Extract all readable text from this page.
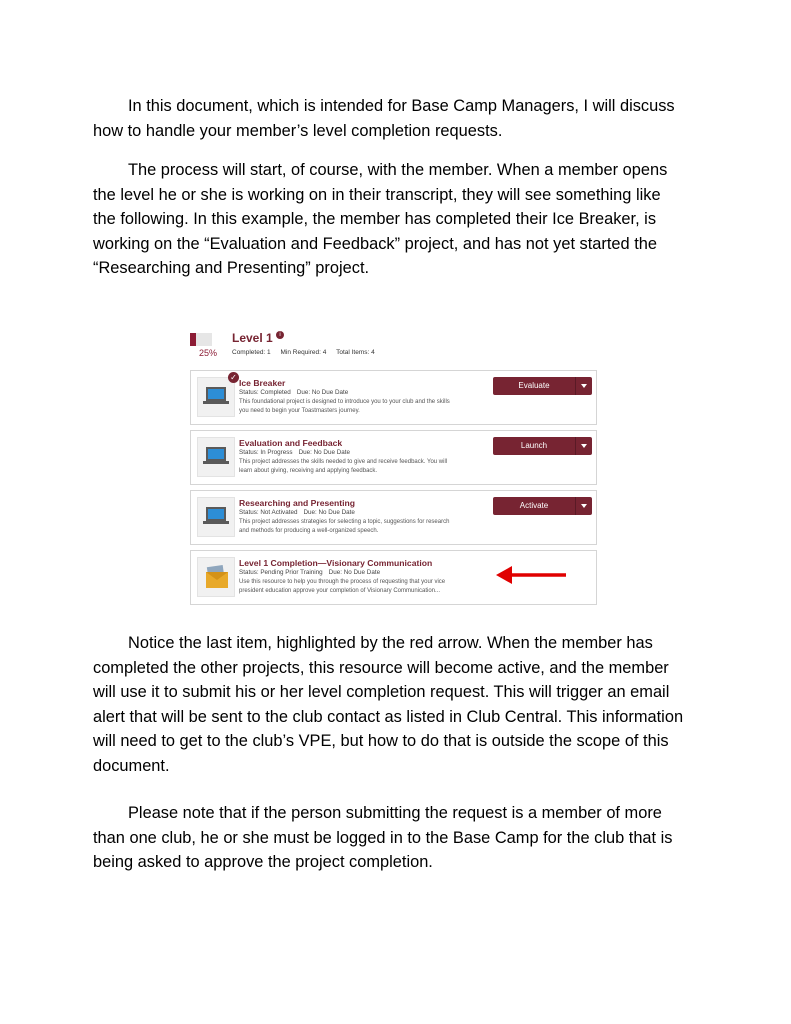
In this document, which is intended for Base Camp Managers, I will discuss
how to handle your member’s level completion requests.

The process will start, of course, with the member. When a member opens
the level he or she is working on in their transcript, they will see something like
the following. In this example, the member has completed their Ice Breaker, is
working on the “Evaluation and Feedback” project, and has not yet started the
“Researching and Presenting” project.

25%
Level 1	i
Completed: 1 Min Required: 4 Total Items: 4
✓
Ice Breaker
Status: Completed Due: No Due Date
This foundational project is designed to introduce you to your club and the skills
you need to begin your Toastmasters journey.
Evaluate
Evaluation and Feedback
Status: In Progress Due: No Due Date
This project addresses the skills needed to give and receive feedback. You will
learn about giving, receiving and applying feedback.
Launch
Researching and Presenting
Status: Not Activated Due: No Due Date
This project addresses strategies for selecting a topic, suggestions for research
and methods for producing a well-organized speech.
Activate
Level 1 Completion—Visionary Communication
Status: Pending Prior Training Due: No Due Date
Use this resource to help you through the process of requesting that your vice
president education approve your completion of Visionary Communication...

Notice the last item, highlighted by the red arrow. When the member has
completed the other projects, this resource will become active, and the member
will use it to submit his or her level completion request. This will trigger an email
alert that will be sent to the club contact as listed in Club Central. This information
will need to get to the club’s VPE, but how to do that is outside the scope of this
document.

Please note that if the person submitting the request is a member of more
than one club, he or she must be logged in to the Base Camp for the club that is
being asked to approve the project completion.
